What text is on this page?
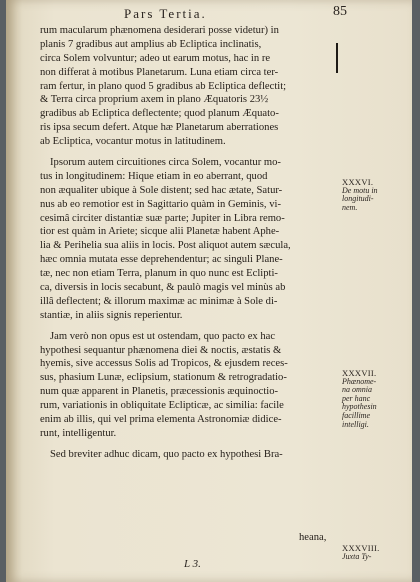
Pars Tertia.	85
rum macularum phænomena desiderari posse videtur) in
planis 7 gradibus aut amplius ab Ecliptica inclinatis,
circa Solem volvuntur; adeo ut earum motus, hac in re
non differat à motibus Planetarum. Luna etiam circa ter-
ram fertur, in plano quod 5 gradibus ab Ecliptica deflectit;
& Terra circa proprium axem in plano Æquatoris 23½
gradibus ab Ecliptica deflectente; quod planum Æquato-
ris ipsa secum defert. Atque hæ Planetarum aberrationes
ab Ecliptica, vocantur motus in latitudinem.
Ipsorum autem circuitiones circa Solem, vocantur mo-
tus in longitudinem: Hique etiam in eo aberrant, quod
non æqualiter ubique à Sole distent; sed hac ætate, Satur-
nus ab eo remotior est in Sagittario quàm in Geminis, vi-
cesimâ circiter distantiæ suæ parte; Jupiter in Libra remo-
tior est quàm in Ariete; sicque alii Planetæ habent Aphe-
lia & Perihelia sua aliis in locis. Post aliquot autem sæcula,
hæc omnia mutata esse deprehendentur; ac singuli Plane-
tæ, nec non etiam Terra, planum in quo nunc est Eclipti-
ca, diversis in locis secabunt, & paulò magis vel minùs ab
illâ deflectent; & illorum maximæ ac minimæ à Sole di-
stantiæ, in aliis signis reperientur.
Jam verò non opus est ut ostendam, quo pacto ex hac
hypothesi sequantur phænomena diei & noctis, æstatis &
hyemis, sive accessus Solis ad Tropicos, & ejusdem reces-
sus, phasium Lunæ, eclipsium, stationum & retrogradatio-
num quæ apparent in Planetis, præcessionis æquinoctio-
rum, variationis in obliquitate Eclipticæ, ac similia: facile
enim ab illis, qui vel prima elementa Astronomiæ didice-
runt, intelligentur.
Sed breviter adhuc dicam, quo pacto ex hypothesi Bra-
XXXVI.
De motu in
longitudi-
nem.
XXXVII.
Phænome-
na omnia
per hanc
hypothesin
facillime
intelligi.
XXXVIII.
Juxta Ty-
L 3.
heana,
